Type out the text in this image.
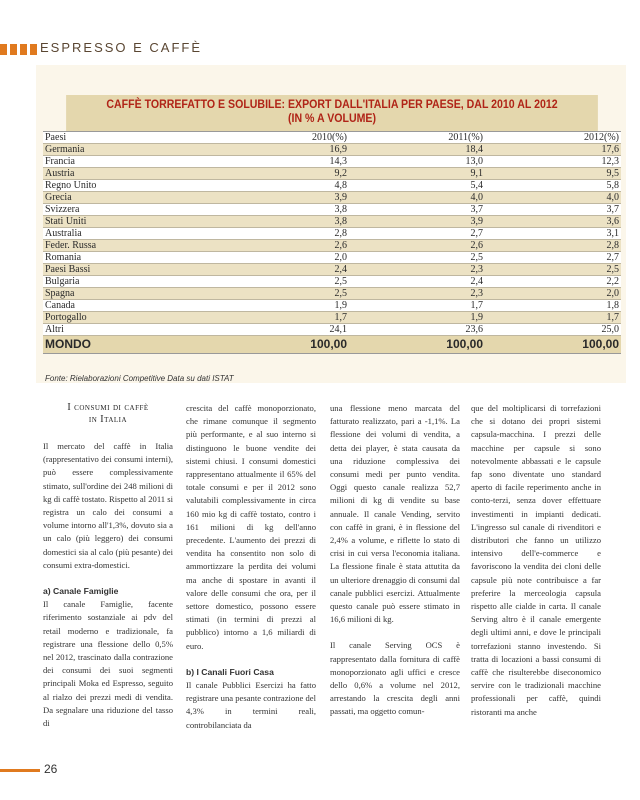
ESPRESSO E CAFFÈ
CAFFÈ TORREFATTO E SOLUBILE: EXPORT DALL'ITALIA PER PAESE, DAL 2010 AL 2012
(IN % A VOLUME)
Paesi	2010(%)	2011(%)	2012(%)
Germania	16,9	18,4	17,6
Francia	14,3	13,0	12,3
Austria	9,2	9,1	9,5
Regno Unito	4,8	5,4	5,8
Grecia	3,9	4,0	4,0
Svizzera	3,8	3,7	3,7
Stati Uniti	3,8	3,9	3,6
Australia	2,8	2,7	3,1
Feder. Russa	2,6	2,6	2,8
Romania	2,0	2,5	2,7
Paesi Bassi	2,4	2,3	2,5
Bulgaria	2,5	2,4	2,2
Spagna	2,5	2,3	2,0
Canada	1,9	1,7	1,8
Portogallo	1,7	1,9	1,7
Altri	24,1	23,6	25,0
MONDO	100,00	100,00	100,00
Fonte: Rielaborazioni Competitive Data su dati ISTAT
I consumi di caffè
in Italia

Il mercato del caffè in Italia (rappresentativo dei consumi interni), può essere complessivamente stimato, sull'ordine dei 248 milioni di kg di caffè tostato. Rispetto al 2011 si registra un calo dei consumi a volume intorno all'1,3%, dovuto sia a un calo (più leggero) dei consumi domestici sia al calo (più pesante) dei consumi extra-domestici.

a) Canale Famiglie
Il canale Famiglie, facente riferimento sostanziale ai pdv del retail moderno e tradizionale, fa registrare una flessione dello 0,5% nel 2012, trascinato dalla contrazione dei consumi dei suoi segmenti principali Moka ed Espresso, seguito al rialzo dei prezzi medi di vendita. Da segnalare una riduzione del tasso di

crescita del caffè monoporzionato, che rimane comunque il segmento più performante, e al suo interno si distinguono le buone vendite dei sistemi chiusi. I consumi domestici rappresentano attualmente il 65% del totale consumi e per il 2012 sono valutabili complessivamente in circa 160 mio kg di caffè tostato, contro i 161 milioni di kg dell'anno precedente. L'aumento dei prezzi di vendita ha consentito non solo di ammortizzare la perdita dei volumi ma anche di spostare in avanti il valore delle consumi che ora, per il settore domestico, possono essere stimati (in termini di prezzi al pubblico) intorno a 1,6 miliardi di euro.

b) I Canali Fuori Casa
Il canale Pubblici Esercizi ha fatto registrare una pesante contrazione del 4,3% in termini reali, controbilanciata da

una flessione meno marcata del fatturato realizzato, pari a -1,1%. La flessione dei volumi di vendita, a detta dei player, è stata causata da una riduzione complessiva dei consumi medi per punto vendita. Oggi questo canale realizza 52,7 milioni di kg di vendite su base annuale. Il canale Vending, servito con caffè in grani, è in flessione del 2,4% a volume, e riflette lo stato di crisi in cui versa l'economia italiana. La flessione finale è stata attutita da un ulteriore drenaggio di consumi dal canale pubblici esercizi. Attualmente questo canale può essere stimato in 16,6 milioni di kg.

Il canale Serving OCS è rappresentato dalla fornitura di caffè monoporzionato agli uffici e cresce dello 0,6% a volume nel 2012, arrestando la crescita degli anni passati, ma oggetto comun-

que del moltiplicarsi di torrefazioni che si dotano dei propri sistemi capsula-macchina. I prezzi delle macchine per capsule si sono notevolmente abbassati e le capsule fap sono diventate uno standard aperto di facile reperimento anche in conto-terzi, senza dover effettuare investimenti in impianti dedicati. L'ingresso sul canale di rivenditori e distributori che fanno un utilizzo intensivo dell'e-commerce e favoriscono la vendita dei cloni delle capsule più note contribuisce a far preferire la merceologia capsula rispetto alle cialde in carta. Il canale Serving altro è il canale emergente degli ultimi anni, e dove le principali torrefazioni stanno investendo. Si tratta di locazioni a bassi consumi di caffè che risulterebbe diseconomico servire con le tradizionali macchine professionali per caffè, quindi ristoranti ma anche

26
